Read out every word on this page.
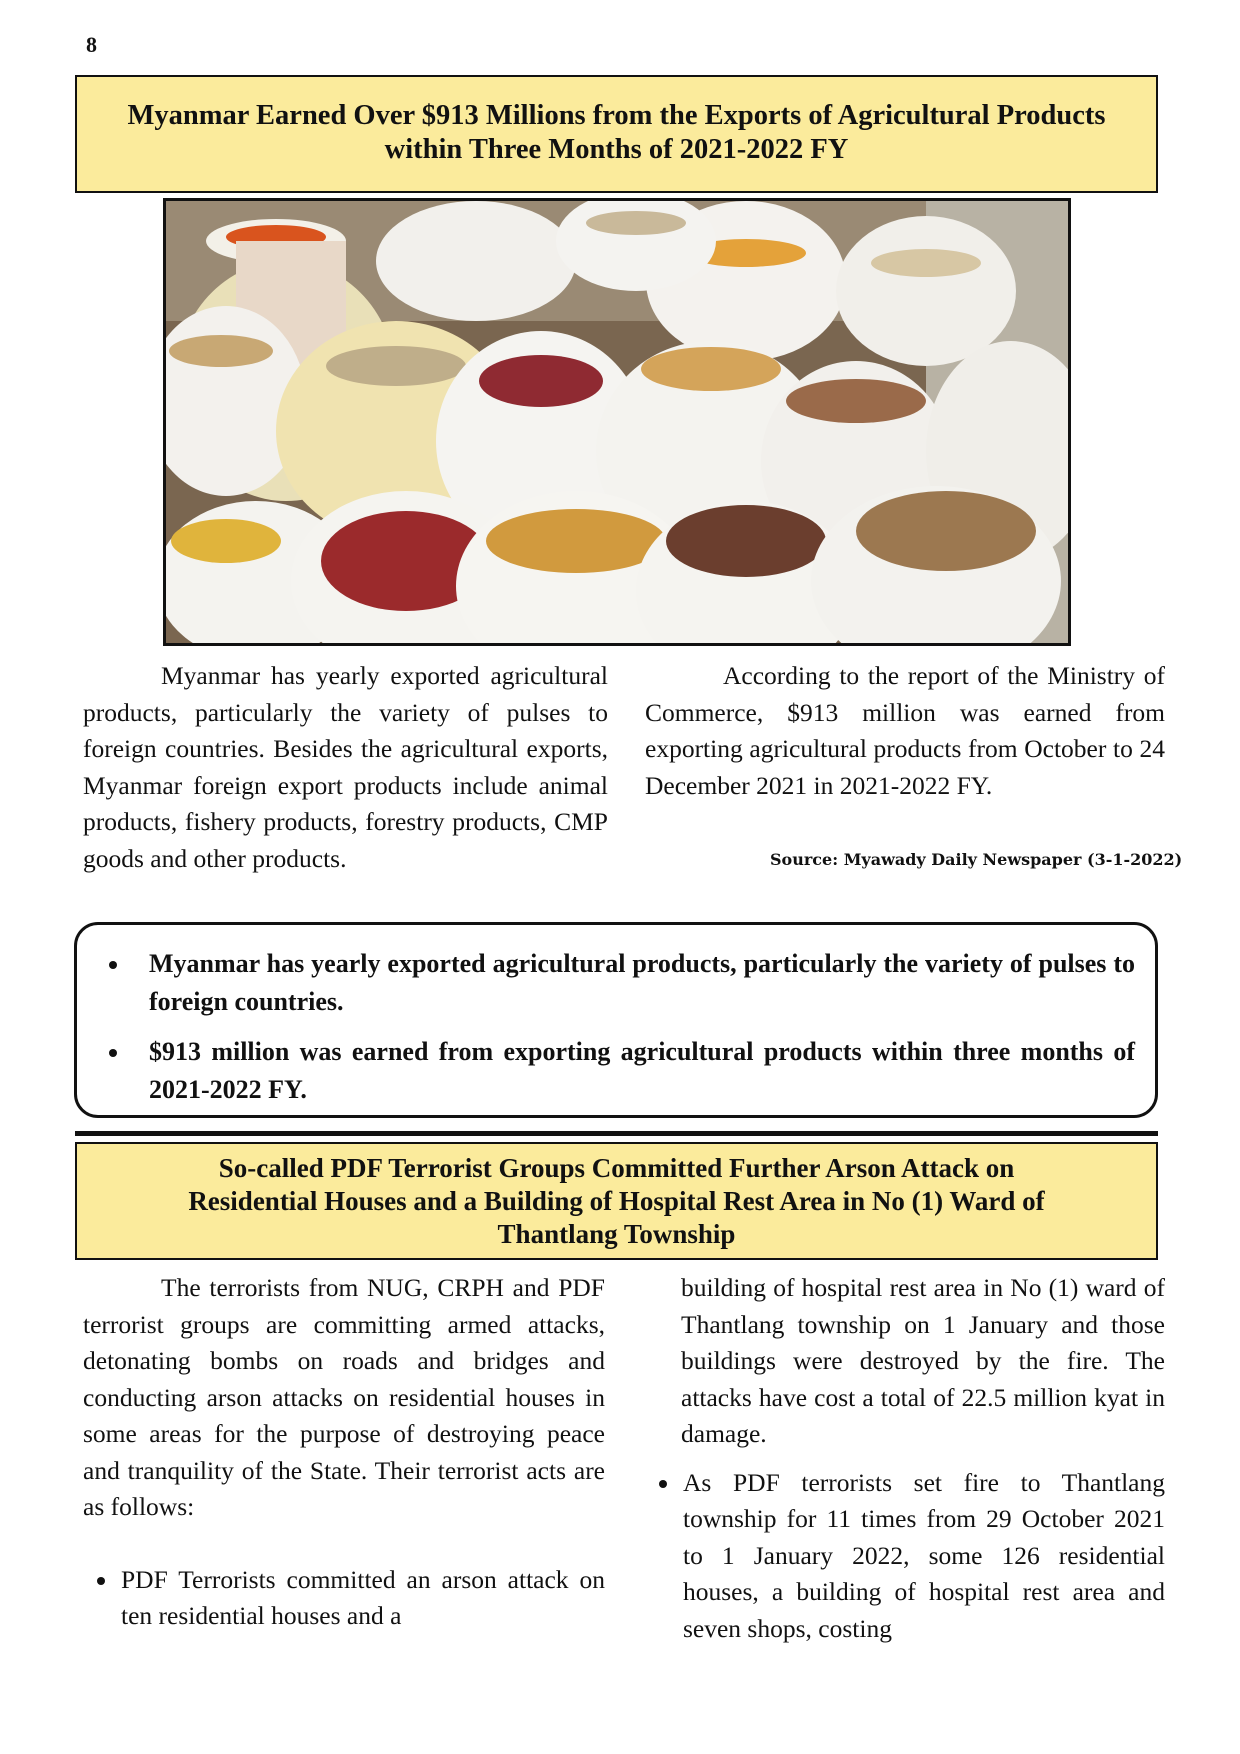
8
Myanmar Earned Over $913 Millions from the Exports of Agricultural Products
within Three Months of 2021-2022 FY

Myanmar has yearly exported agricultural products, particularly the variety of pulses to foreign countries. Besides the agricultural exports, Myanmar foreign export products include animal products, fishery products, forestry products, CMP goods and other products.

According to the report of the Ministry of Commerce, $913 million was earned from exporting agricultural products from October to 24 December 2021 in 2021-2022 FY.

Source: Myawady Daily Newspaper (3-1-2022)
• Myanmar has yearly exported agricultural products, particularly the variety of pulses to foreign countries.
• $913 million was earned from exporting agricultural products within three months of 2021-2022 FY.
So-called PDF Terrorist Groups Committed Further Arson Attack on
Residential Houses and a Building of Hospital Rest Area in No (1) Ward of
Thantlang Township

The terrorists from NUG, CRPH and PDF terrorist groups are committing armed attacks, detonating bombs on roads and bridges and conducting arson attacks on residential houses in some areas for the purpose of destroying peace and tranquility of the State. Their terrorist acts are as follows:

• PDF Terrorists committed an arson attack on ten residential houses and a

building of hospital rest area in No (1) ward of Thantlang township on 1 January and those buildings were destroyed by the fire. The attacks have cost a total of 22.5 million kyat in damage.

• As PDF terrorists set fire to Thantlang township for 11 times from 29 October 2021 to 1 January 2022, some 126 residential houses, a building of hospital rest area and seven shops, costing
